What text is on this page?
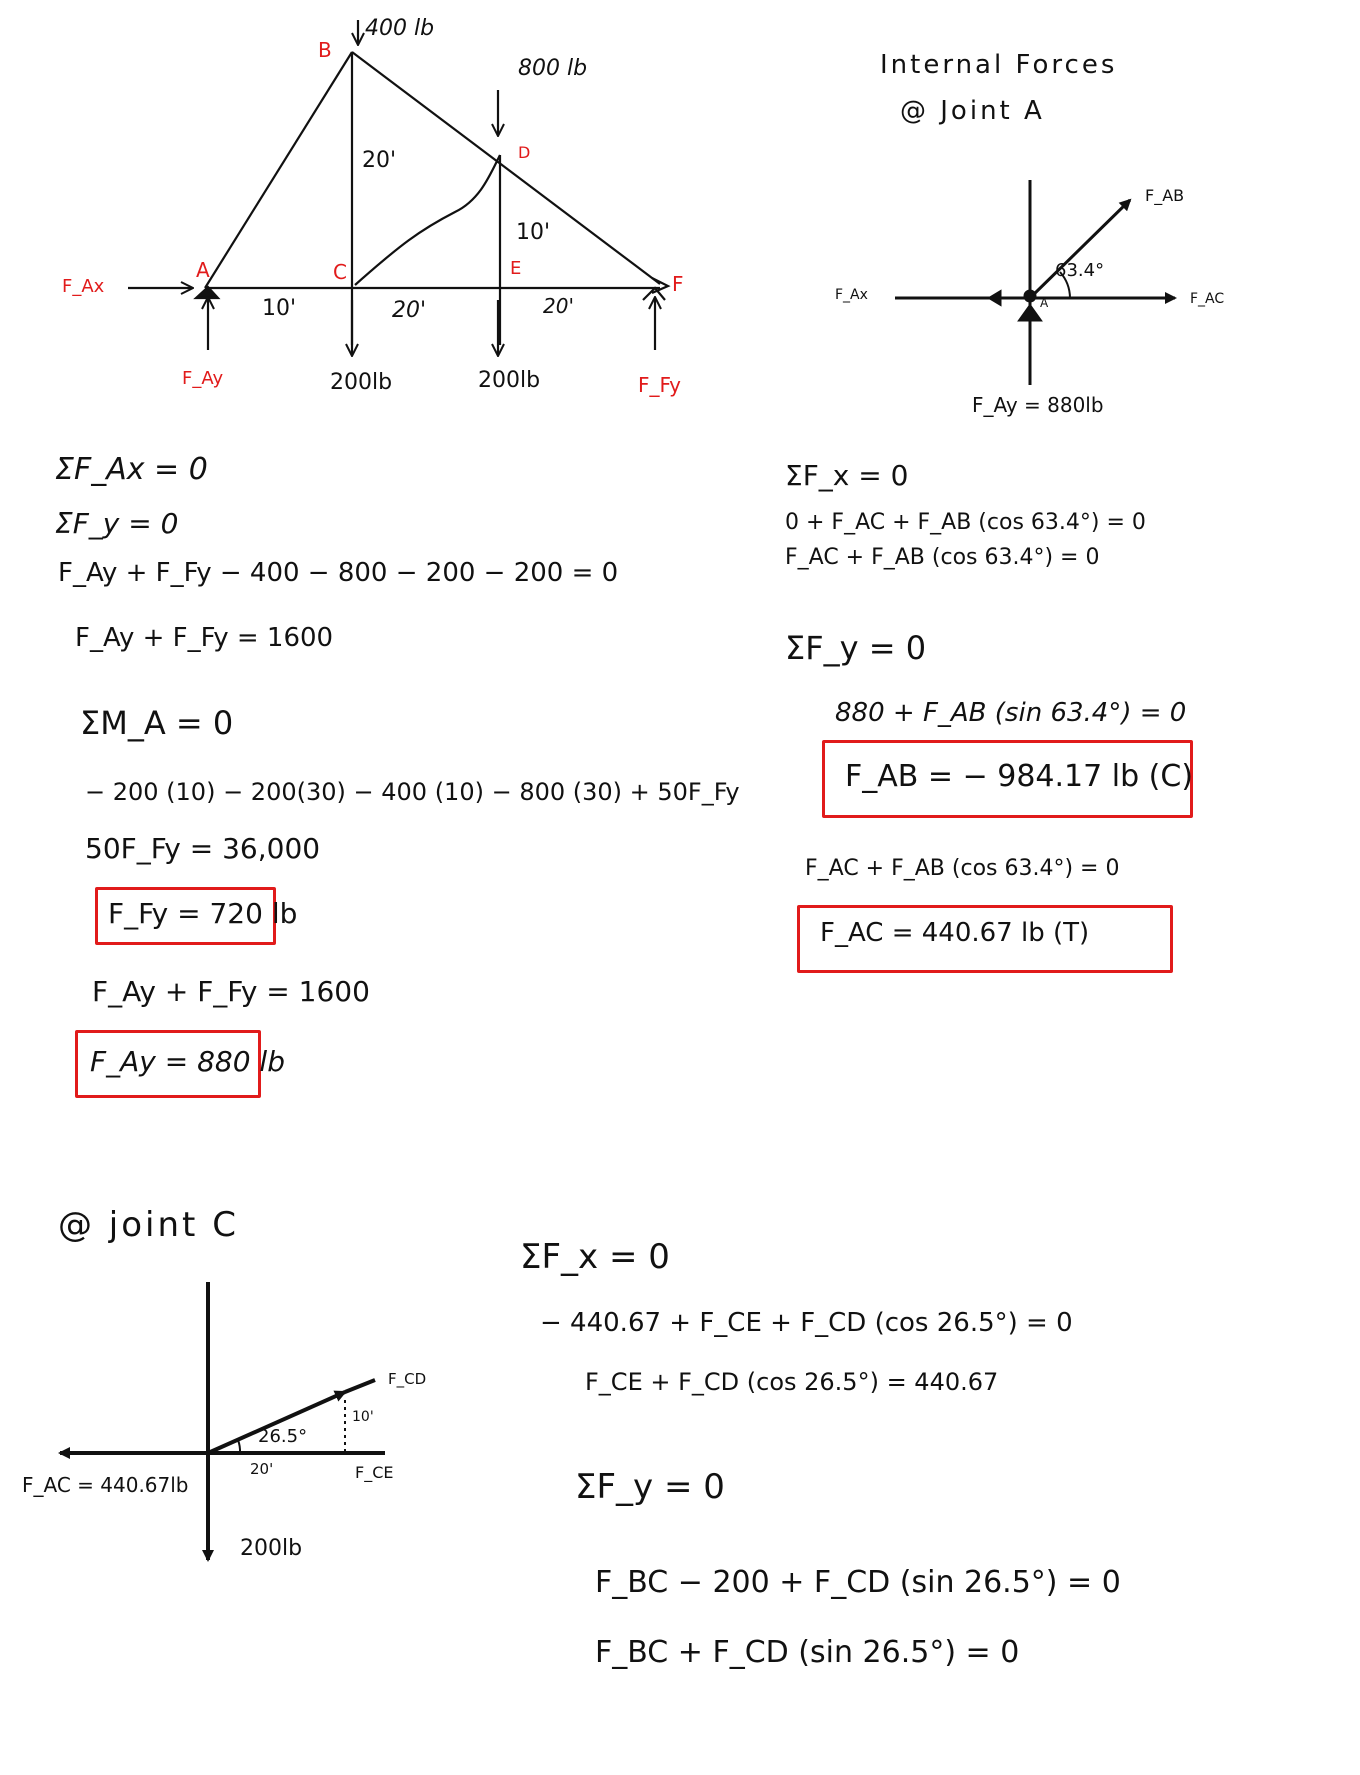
400 lb
800 lb
B
D
A	C	E
F
20'
10'
10'	20'	20'
200lb	200lb
F_Ax
F_Ay	F_Fy
ΣF_Ax = 0
ΣF_y = 0
F_Ay + F_Fy − 400 − 800 − 200 − 200 = 0
F_Ay + F_Fy = 1600
ΣM_A = 0
− 200 (10) − 200(30) − 400 (10) − 800 (30) + 50F_Fy
50F_Fy = 36,000
F_Fy = 720 lb
F_Ay + F_Fy = 1600
F_Ay = 880 lb
Internal Forces
@ Joint A
F_AB
63.4°
F_Ax	F_AC
A
F_Ay = 880lb
ΣF_x = 0
0 + F_AC + F_AB (cos 63.4°) = 0
F_AC + F_AB (cos 63.4°) = 0
ΣF_y = 0
880 + F_AB (sin 63.4°) = 0
F_AB = − 984.17 lb (C)
F_AC + F_AB (cos 63.4°) = 0
F_AC = 440.67 lb (T)
@ joint C
F_CD
26.5°
10'
20'	F_CE
F_AC = 440.67lb
200lb
ΣF_x = 0
− 440.67 + F_CE + F_CD (cos 26.5°) = 0
F_CE + F_CD (cos 26.5°) = 440.67
ΣF_y = 0
F_BC − 200 + F_CD (sin 26.5°) = 0
F_BC + F_CD (sin 26.5°) = 0
